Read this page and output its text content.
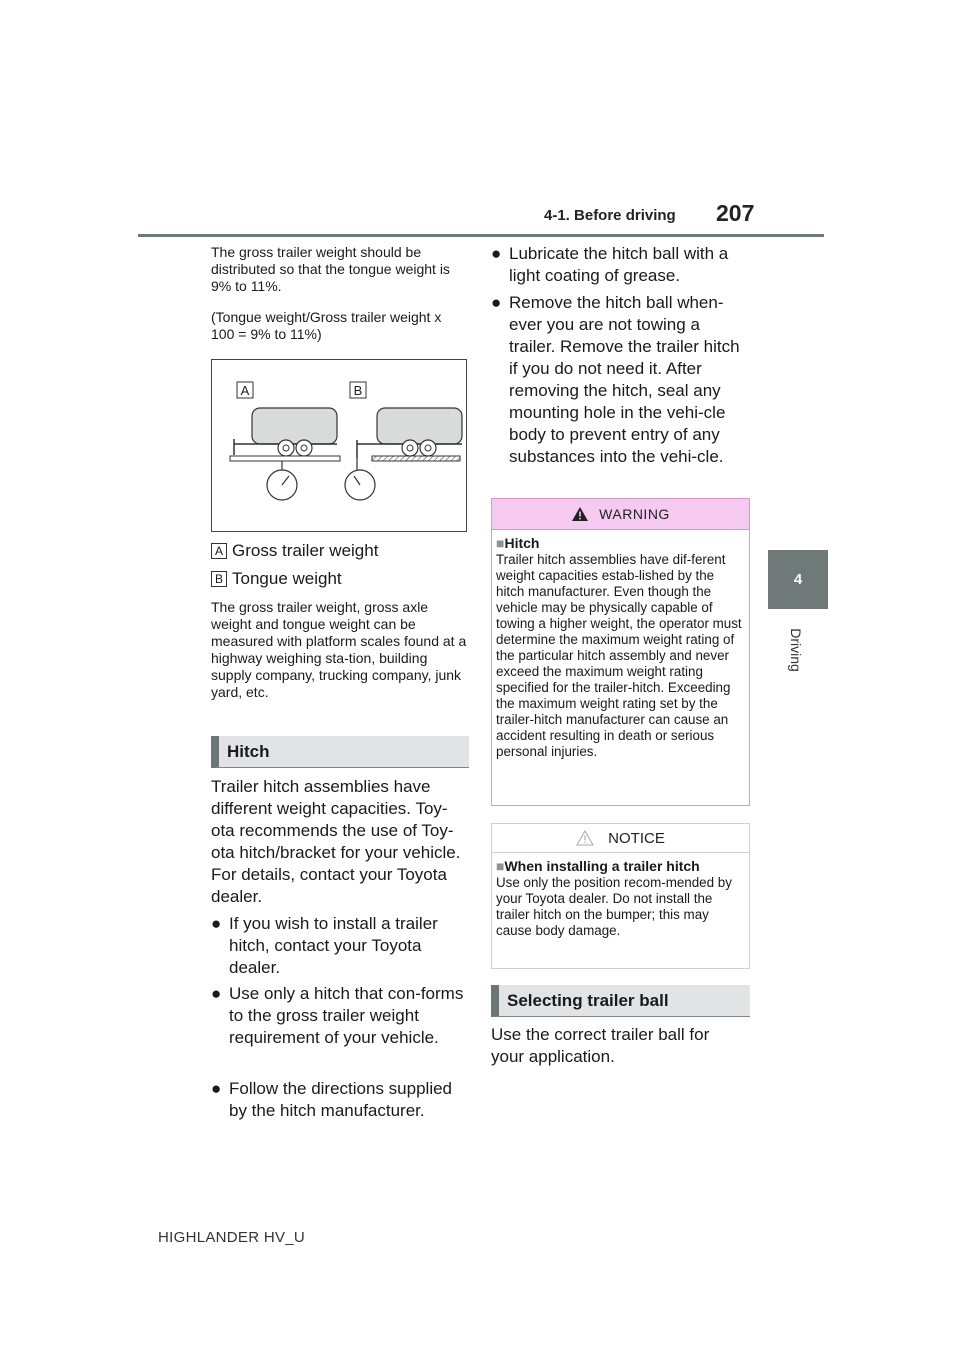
4-1. Before driving 207
4
Driving

The gross trailer weight should be distributed so that the tongue weight is 9% to 11%.

(Tongue weight/Gross trailer weight x 100 = 9% to 11%)

A	B
A Gross trailer weight
B Tongue weight

The gross trailer weight, gross axle weight and tongue weight can be measured with platform scales found at a highway weighing sta-tion, building supply company, trucking company, junk yard, etc.

Hitch

Trailer hitch assemblies have different weight capacities. Toy-ota recommends the use of Toy-ota hitch/bracket for your vehicle. For details, contact your Toyota dealer.

● If you wish to install a trailer hitch, contact your Toyota dealer.
● Use only a hitch that con-forms to the gross trailer weight requirement of your vehicle.
● Follow the directions supplied by the hitch manufacturer.
● Lubricate the hitch ball with a light coating of grease.
● Remove the hitch ball when-ever you are not towing a trailer. Remove the trailer hitch if you do not need it. After removing the hitch, seal any mounting hole in the vehi-cle body to prevent entry of any substances into the vehi-cle.
WARNING

■Hitch

Trailer hitch assemblies have dif-ferent weight capacities estab-lished by the hitch manufacturer. Even though the vehicle may be physically capable of towing a higher weight, the operator must determine the maximum weight rating of the particular hitch assembly and never exceed the maximum weight rating specified for the trailer-hitch. Exceeding the maximum weight rating set by the trailer-hitch manufacturer can cause an accident resulting in death or serious personal injuries.

NOTICE

■When installing a trailer hitch

Use only the position recom-mended by your Toyota dealer. Do not install the trailer hitch on the bumper; this may cause body damage.

Selecting trailer ball

Use the correct trailer ball for your application.

HIGHLANDER HV_U
